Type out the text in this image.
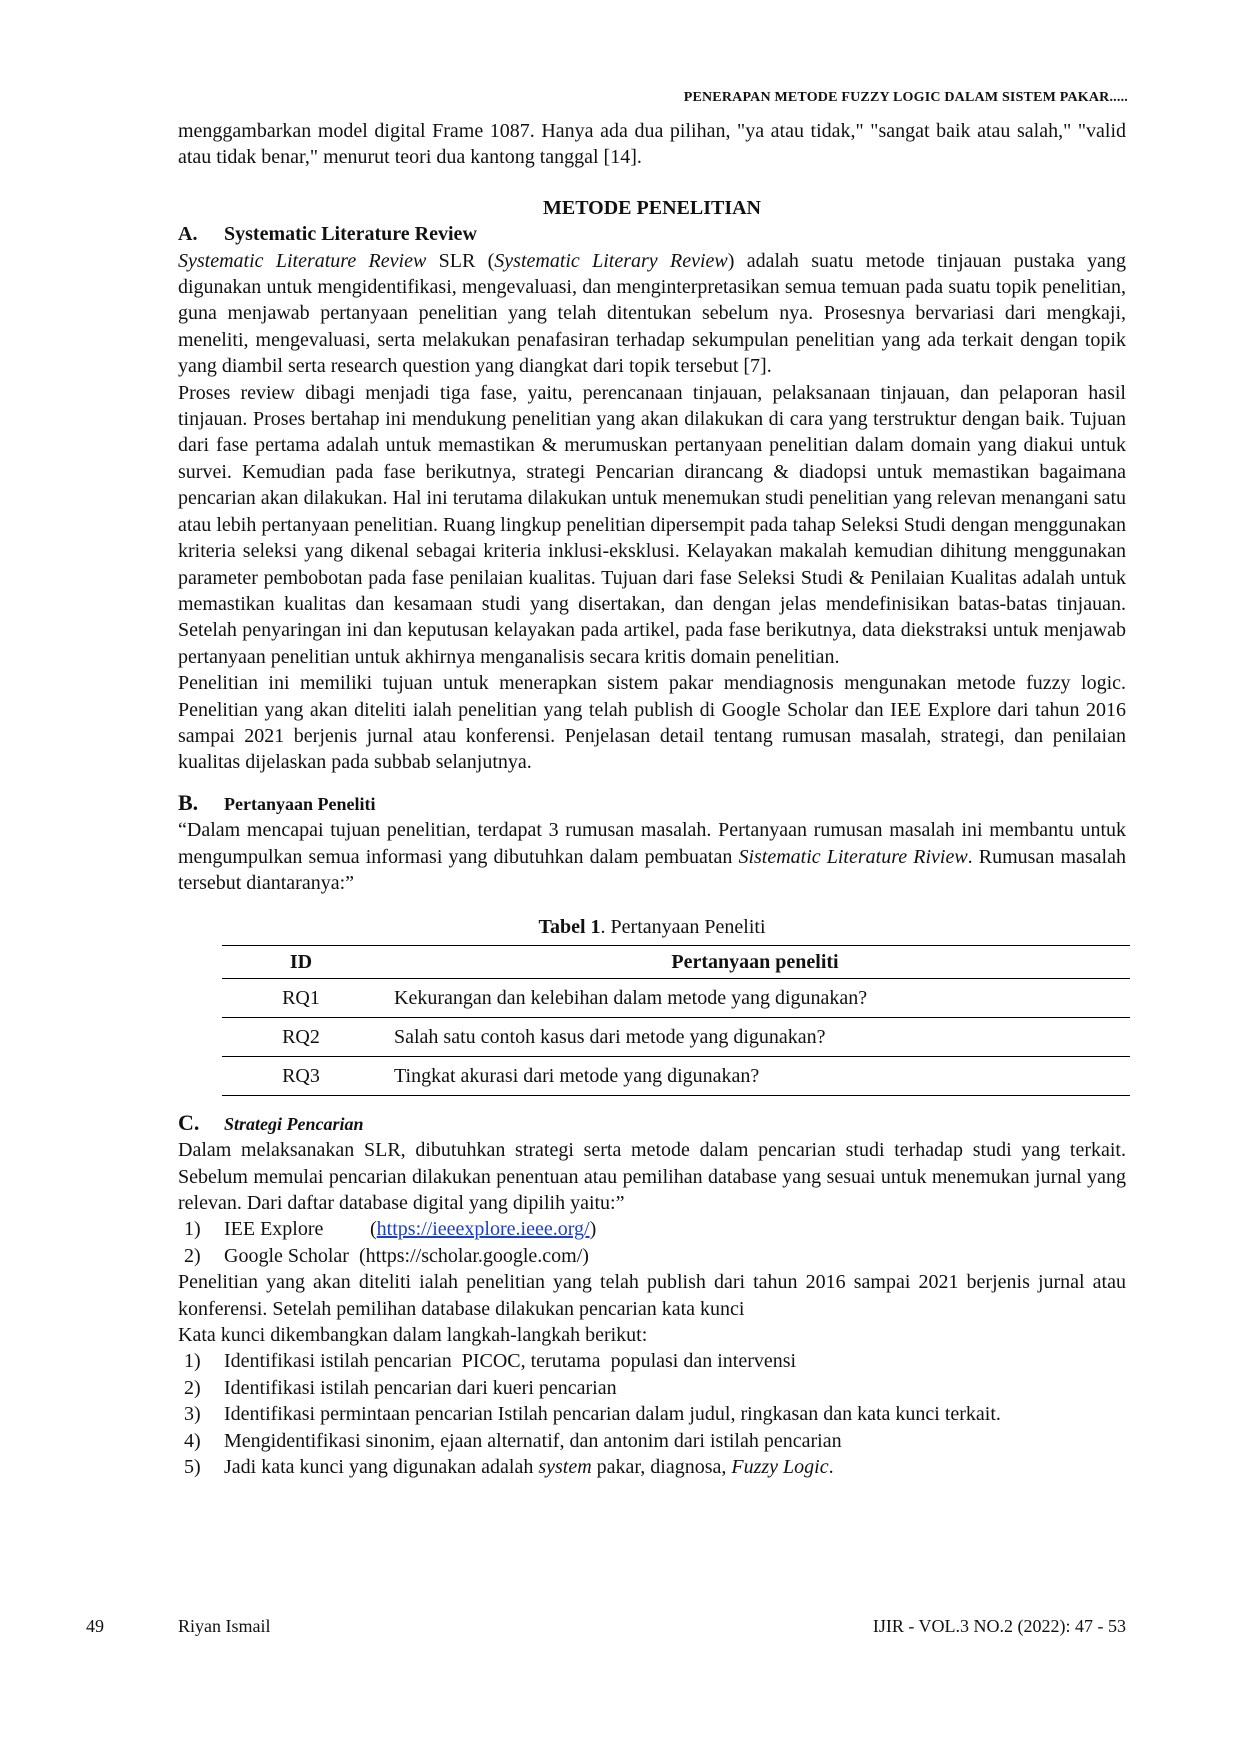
PENERAPAN METODE FUZZY LOGIC DALAM SISTEM PAKAR.....

menggambarkan model digital Frame 1087. Hanya ada dua pilihan, "ya atau tidak," "sangat baik atau salah," "valid atau tidak benar," menurut teori dua kantong tanggal [14].

METODE PENELITIAN
A. Systematic Literature Review

Systematic Literature Review SLR (Systematic Literary Review) adalah suatu metode tinjauan pustaka yang digunakan untuk mengidentifikasi, mengevaluasi, dan menginterpretasikan semua temuan pada suatu topik penelitian, guna menjawab pertanyaan penelitian yang telah ditentukan sebelum nya. Prosesnya bervariasi dari mengkaji, meneliti, mengevaluasi, serta melakukan penafasiran terhadap sekumpulan penelitian yang ada terkait dengan topik yang diambil serta research question yang diangkat dari topik tersebut [7].

Proses review dibagi menjadi tiga fase, yaitu, perencanaan tinjauan, pelaksanaan tinjauan, dan pelaporan hasil tinjauan. Proses bertahap ini mendukung penelitian yang akan dilakukan di cara yang terstruktur dengan baik. Tujuan dari fase pertama adalah untuk memastikan & merumuskan pertanyaan penelitian dalam domain yang diakui untuk survei. Kemudian pada fase berikutnya, strategi Pencarian dirancang & diadopsi untuk memastikan bagaimana pencarian akan dilakukan. Hal ini terutama dilakukan untuk menemukan studi penelitian yang relevan menangani satu atau lebih pertanyaan penelitian. Ruang lingkup penelitian dipersempit pada tahap Seleksi Studi dengan menggunakan kriteria seleksi yang dikenal sebagai kriteria inklusi-eksklusi. Kelayakan makalah kemudian dihitung menggunakan parameter pembobotan pada fase penilaian kualitas. Tujuan dari fase Seleksi Studi & Penilaian Kualitas adalah untuk memastikan kualitas dan kesamaan studi yang disertakan, dan dengan jelas mendefinisikan batas-batas tinjauan. Setelah penyaringan ini dan keputusan kelayakan pada artikel, pada fase berikutnya, data diekstraksi untuk menjawab pertanyaan penelitian untuk akhirnya menganalisis secara kritis domain penelitian.

Penelitian ini memiliki tujuan untuk menerapkan sistem pakar mendiagnosis mengunakan metode fuzzy logic. Penelitian yang akan diteliti ialah penelitian yang telah publish di Google Scholar dan IEE Explore dari tahun 2016 sampai 2021 berjenis jurnal atau konferensi. Penjelasan detail tentang rumusan masalah, strategi, dan penilaian kualitas dijelaskan pada subbab selanjutnya.

B. Pertanyaan Peneliti

“Dalam mencapai tujuan penelitian, terdapat 3 rumusan masalah. Pertanyaan rumusan masalah ini membantu untuk mengumpulkan semua informasi yang dibutuhkan dalam pembuatan Sistematic Literature Riview. Rumusan masalah tersebut diantaranya:”

Tabel 1. Pertanyaan Peneliti
ID	Pertanyaan peneliti
RQ1	Kekurangan dan kelebihan dalam metode yang digunakan?
RQ2	Salah satu contoh kasus dari metode yang digunakan?
RQ3	Tingkat akurasi dari metode yang digunakan?
C. Strategi Pencarian

Dalam melaksanakan SLR, dibutuhkan strategi serta metode dalam pencarian studi terhadap studi yang terkait. Sebelum memulai pencarian dilakukan penentuan atau pemilihan database yang sesuai untuk menemukan jurnal yang relevan. Dari daftar database digital yang dipilih yaitu:”

1)	IEE Explore	( https://ieeexplore.ieee.org/ )
2)	Google Scholar ( https://scholar.google.com/ )

Penelitian yang akan diteliti ialah penelitian yang telah publish dari tahun 2016 sampai 2021 berjenis jurnal atau konferensi. Setelah pemilihan database dilakukan pencarian kata kunci

Kata kunci dikembangkan dalam langkah-langkah berikut:

1)	Identifikasi istilah pencarian  PICOC, terutama  populasi dan intervensi
2)	Identifikasi istilah pencarian dari kueri pencarian
3)	Identifikasi permintaan pencarian Istilah pencarian dalam judul, ringkasan dan kata kunci terkait.
4)	Mengidentifikasi sinonim, ejaan alternatif, dan antonim dari istilah pencarian
5)	Jadi kata kunci yang digunakan adalah system pakar, diagnosa, Fuzzy Logic.
49	Riyan Ismail	IJIR - VOL.3 NO.2 (2022): 47 - 53
